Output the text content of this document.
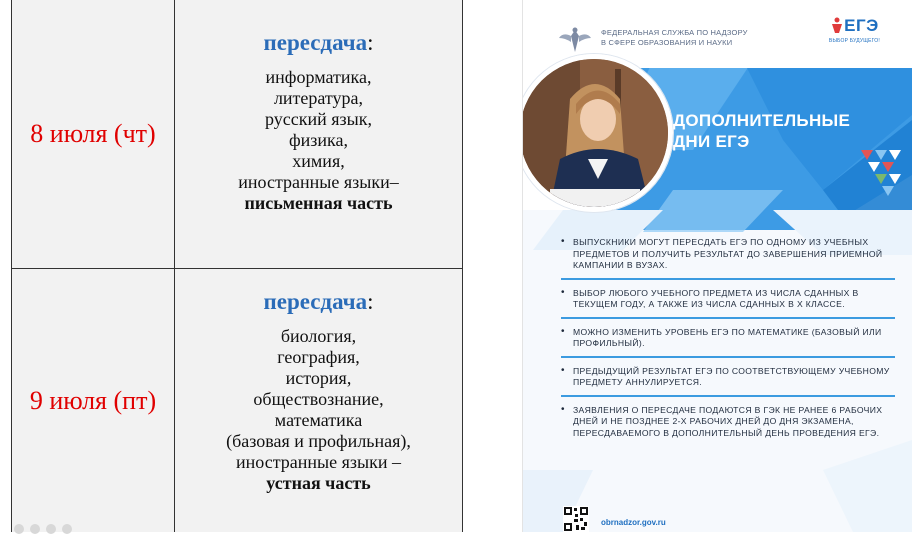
8 июля (чт)
пересдача:
информатика,
литература,
русский язык,
физика,
химия,
иностранные языки–
письменная часть
9 июля (пт)
пересдача:
биология,
география,
история,
обществознание,
математика
(базовая и профильная),
иностранные языки –
устная часть
ФЕДЕРАЛЬНАЯ СЛУЖБА ПО НАДЗОРУ
В СФЕРЕ ОБРАЗОВАНИЯ И НАУКИ
ЕГЭ
ВЫБОР БУДУЩЕГО!
ДОПОЛНИТЕЛЬНЫЕ
ДНИ ЕГЭ
• ВЫПУСКНИКИ МОГУТ ПЕРЕСДАТЬ ЕГЭ ПО ОДНОМУ ИЗ УЧЕБНЫХ ПРЕДМЕТОВ И ПОЛУЧИТЬ РЕЗУЛЬТАТ ДО ЗАВЕРШЕНИЯ ПРИЕМНОЙ КАМПАНИИ В ВУЗАХ.
• ВЫБОР ЛЮБОГО УЧЕБНОГО ПРЕДМЕТА ИЗ ЧИСЛА СДАННЫХ В ТЕКУЩЕМ ГОДУ, А ТАКЖЕ ИЗ ЧИСЛА СДАННЫХ В Х КЛАССЕ.
• МОЖНО ИЗМЕНИТЬ УРОВЕНЬ ЕГЭ ПО МАТЕМАТИКЕ (БАЗОВЫЙ ИЛИ ПРОФИЛЬНЫЙ).
• ПРЕДЫДУЩИЙ РЕЗУЛЬТАТ ЕГЭ ПО СООТВЕТСТВУЮЩЕМУ УЧЕБНОМУ ПРЕДМЕТУ АННУЛИРУЕТСЯ.
• ЗАЯВЛЕНИЯ О ПЕРЕСДАЧЕ ПОДАЮТСЯ В ГЭК НЕ РАНЕЕ 6 РАБОЧИХ ДНЕЙ И НЕ ПОЗДНЕЕ 2-Х РАБОЧИХ ДНЕЙ ДО ДНЯ ЭКЗАМЕНА, ПЕРЕСДАВАЕМОГО В ДОПОЛНИТЕЛЬНЫЙ ДЕНЬ ПРОВЕДЕНИЯ ЕГЭ.
obrnadzor.gov.ru
